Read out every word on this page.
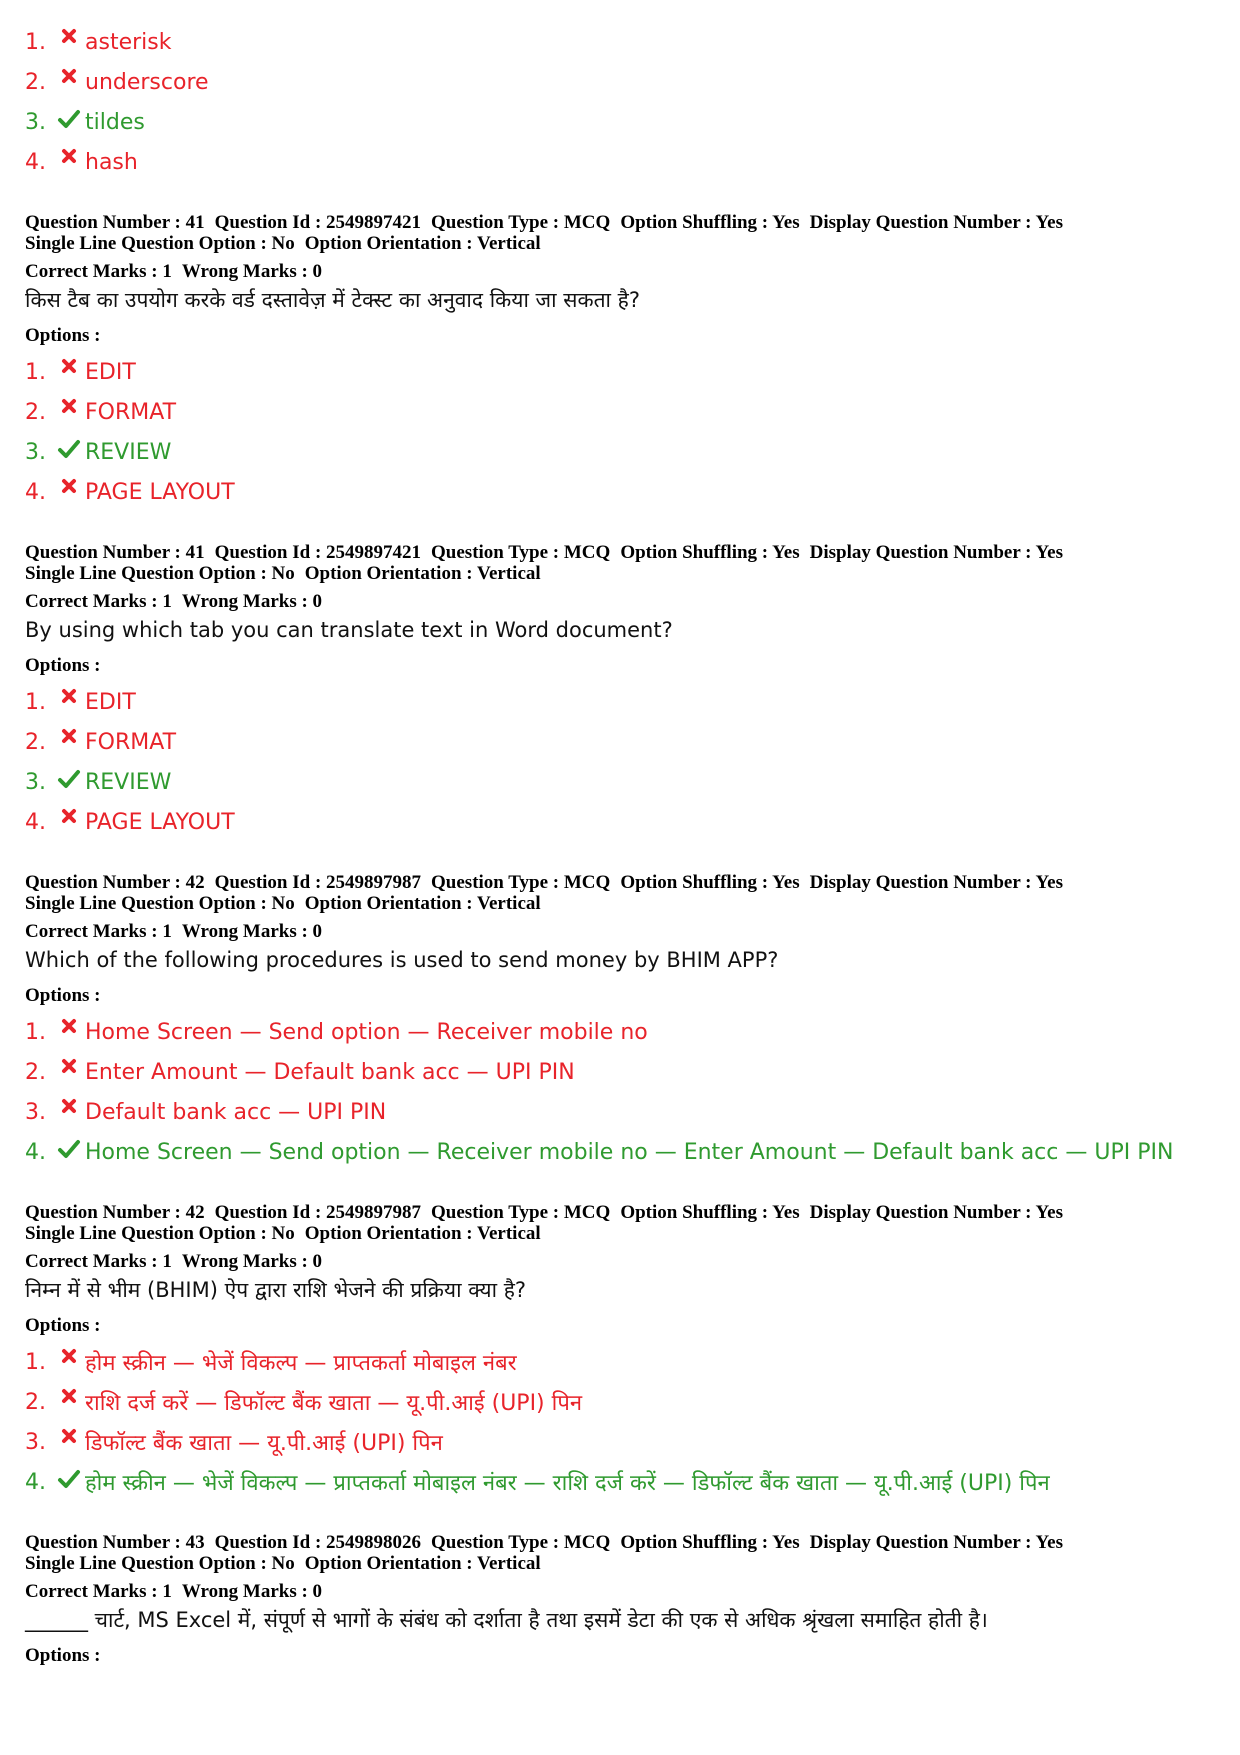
1.	asterisk
2.	underscore
3.	tildes
4.	hash
Question Number : 41 Question Id : 2549897421 Question Type : MCQ Option Shuffling : Yes Display Question Number : Yes
Single Line Question Option : No Option Orientation : Vertical
Correct Marks : 1 Wrong Marks : 0
किस टैब का उपयोग करके वर्ड दस्तावेज़ में टेक्स्ट का अनुवाद किया जा सकता है?
Options :
1.	EDIT
2.	FORMAT
3.	REVIEW
4.	PAGE LAYOUT
Question Number : 41 Question Id : 2549897421 Question Type : MCQ Option Shuffling : Yes Display Question Number : Yes
Single Line Question Option : No Option Orientation : Vertical
Correct Marks : 1 Wrong Marks : 0
By using which tab you can translate text in Word document?
Options :
1.	EDIT
2.	FORMAT
3.	REVIEW
4.	PAGE LAYOUT
Question Number : 42 Question Id : 2549897987 Question Type : MCQ Option Shuffling : Yes Display Question Number : Yes
Single Line Question Option : No Option Orientation : Vertical
Correct Marks : 1 Wrong Marks : 0
Which of the following procedures is used to send money by BHIM APP?
Options :
1.	Home Screen — Send option — Receiver mobile no
2.	Enter Amount — Default bank acc — UPI PIN
3.	Default bank acc — UPI PIN
4.	Home Screen — Send option — Receiver mobile no — Enter Amount — Default bank acc — UPI PIN
Question Number : 42 Question Id : 2549897987 Question Type : MCQ Option Shuffling : Yes Display Question Number : Yes
Single Line Question Option : No Option Orientation : Vertical
Correct Marks : 1 Wrong Marks : 0
निम्न में से भीम (BHIM) ऐप द्वारा राशि भेजने की प्रक्रिया क्या है?
Options :
1.	होम स्क्रीन — भेजें विकल्प — प्राप्तकर्ता मोबाइल नंबर
2.	राशि दर्ज करें — डिफॉल्ट बैंक खाता — यू.पी.आई (UPI) पिन
3.	डिफॉल्ट बैंक खाता — यू.पी.आई (UPI) पिन
4.	होम स्क्रीन — भेजें विकल्प — प्राप्तकर्ता मोबाइल नंबर — राशि दर्ज करें — डिफॉल्ट बैंक खाता — यू.पी.आई (UPI) पिन
Question Number : 43 Question Id : 2549898026 Question Type : MCQ Option Shuffling : Yes Display Question Number : Yes
Single Line Question Option : No Option Orientation : Vertical
Correct Marks : 1 Wrong Marks : 0
______ चार्ट, MS Excel में, संपूर्ण से भागों के संबंध को दर्शाता है तथा इसमें डेटा की एक से अधिक श्रृंखला समाहित होती है।
Options :
